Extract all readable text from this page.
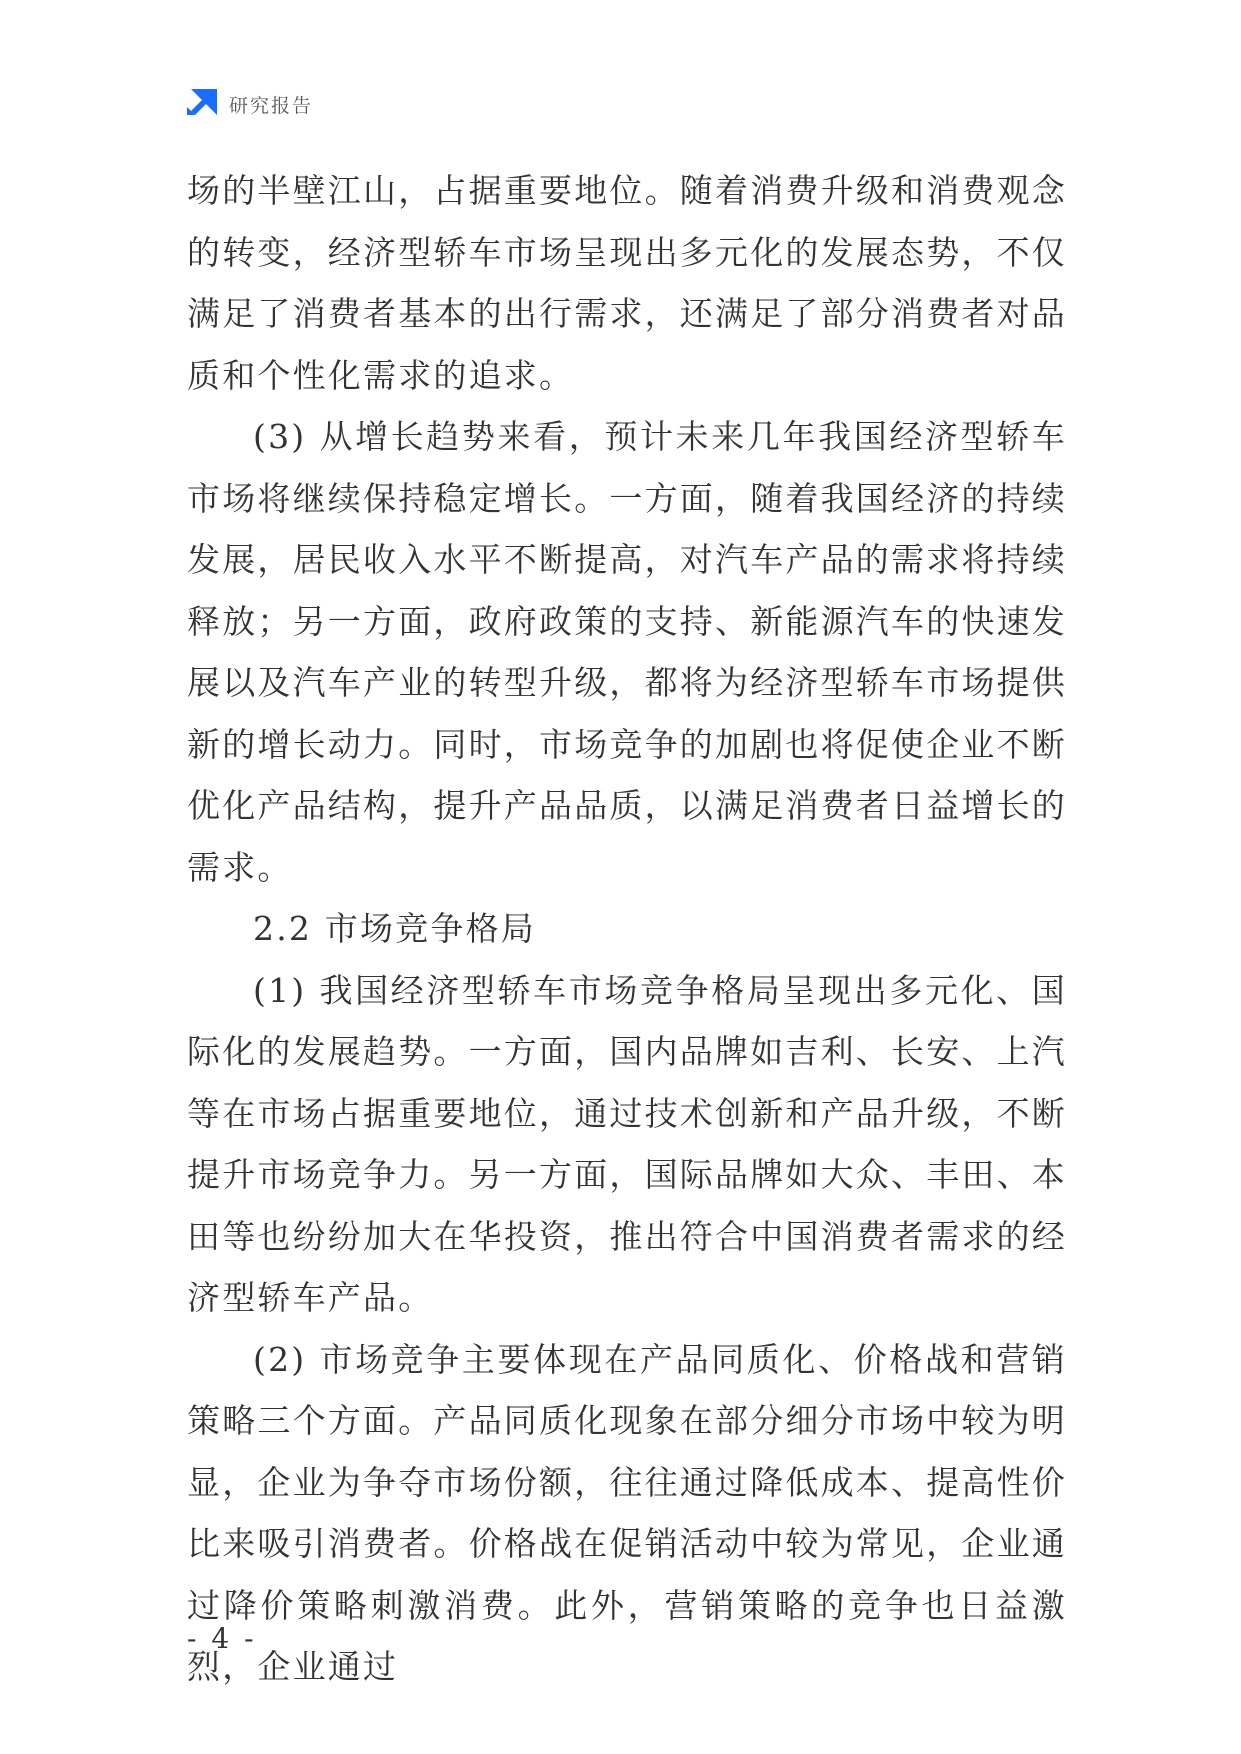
研究报告

场的半壁江山，占据重要地位。随着消费升级和消费观念的转变，经济型轿车市场呈现出多元化的发展态势，不仅满足了消费者基本的出行需求，还满足了部分消费者对品质和个性化需求的追求。

(3) 从增长趋势来看，预计未来几年我国经济型轿车市场将继续保持稳定增长。一方面，随着我国经济的持续发展，居民收入水平不断提高，对汽车产品的需求将持续释放；另一方面，政府政策的支持、新能源汽车的快速发展以及汽车产业的转型升级，都将为经济型轿车市场提供新的增长动力。同时，市场竞争的加剧也将促使企业不断优化产品结构，提升产品品质，以满足消费者日益增长的需求。

2.2 市场竞争格局

(1) 我国经济型轿车市场竞争格局呈现出多元化、国际化的发展趋势。一方面，国内品牌如吉利、长安、上汽等在市场占据重要地位，通过技术创新和产品升级，不断提升市场竞争力。另一方面，国际品牌如大众、丰田、本田等也纷纷加大在华投资，推出符合中国消费者需求的经济型轿车产品。

(2) 市场竞争主要体现在产品同质化、价格战和营销策略三个方面。产品同质化现象在部分细分市场中较为明显，企业为争夺市场份额，往往通过降低成本、提高性价比来吸引消费者。价格战在促销活动中较为常见，企业通过降价策略刺激消费。此外，营销策略的竞争也日益激烈，企业通过

- 4 -
